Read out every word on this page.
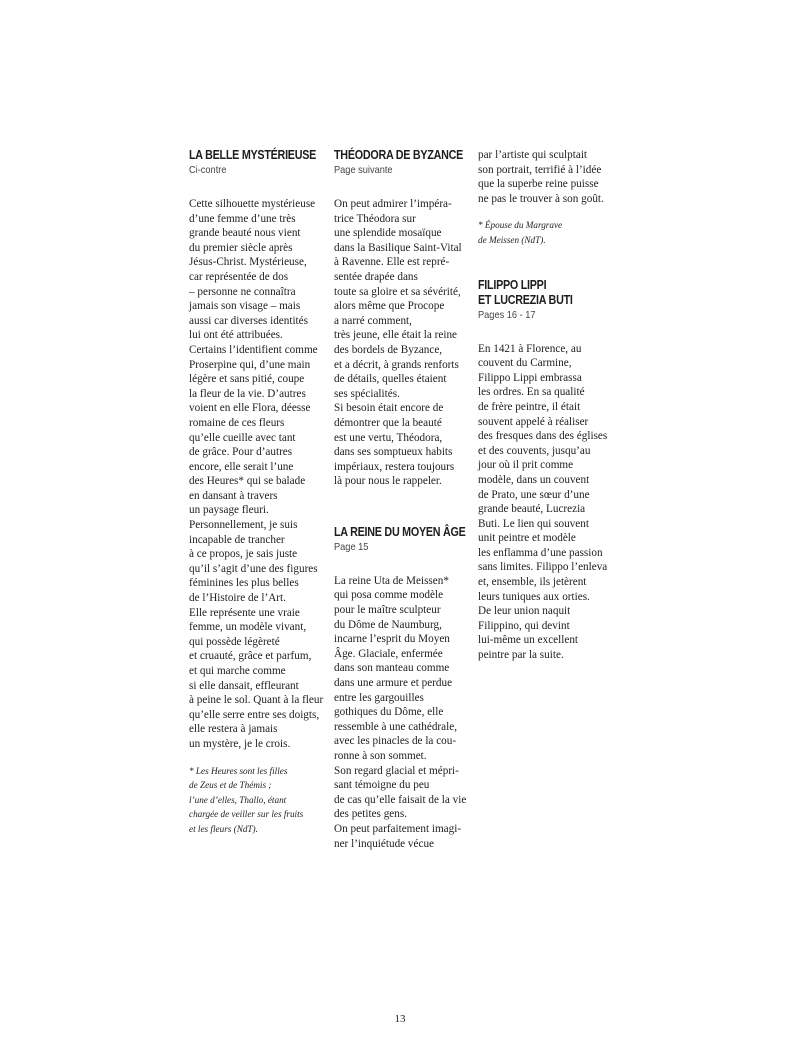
LA BELLE MYSTÉRIEUSE
Ci-contre
Cette silhouette mystérieuse
d’une femme d’une très
grande beauté nous vient
du premier siècle après
Jésus-Christ. Mystérieuse,
car représentée de dos
– personne ne connaîtra
jamais son visage – mais
aussi car diverses identités
lui ont été attribuées.
Certains l’identifient comme
Proserpine qui, d’une main
légère et sans pitié, coupe
la fleur de la vie. D’autres
voient en elle Flora, déesse
romaine de ces fleurs
qu’elle cueille avec tant
de grâce. Pour d’autres
encore, elle serait l’une
des Heures* qui se balade
en dansant à travers
un paysage fleuri.
Personnellement, je suis
incapable de trancher
à ce propos, je sais juste
qu’il s’agit d’une des figures
féminines les plus belles
de l’Histoire de l’Art.
Elle représente une vraie
femme, un modèle vivant,
qui possède légèreté
et cruauté, grâce et parfum,
et qui marche comme
si elle dansait, effleurant
à peine le sol. Quant à la fleur
qu’elle serre entre ses doigts,
elle restera à jamais
un mystère, je le crois.
* Les Heures sont les filles
de Zeus et de Thémis ;
l’une d’elles, Thallo, étant
chargée de veiller sur les fruits
et les fleurs (NdT).
THÉODORA DE BYZANCE
Page suivante
On peut admirer l’impéra-
trice Théodora sur
une splendide mosaïque
dans la Basilique Saint-Vital
à Ravenne. Elle est repré-
sentée drapée dans
toute sa gloire et sa sévérité,
alors même que Procope
a narré comment,
très jeune, elle était la reine
des bordels de Byzance,
et a décrit, à grands renforts
de détails, quelles étaient
ses spécialités.
Si besoin était encore de
démontrer que la beauté
est une vertu, Théodora,
dans ses somptueux habits
impériaux, restera toujours
là pour nous le rappeler.
LA REINE DU MOYEN ÂGE
Page 15
La reine Uta de Meissen*
qui posa comme modèle
pour le maître sculpteur
du Dôme de Naumburg,
incarne l’esprit du Moyen
Âge. Glaciale, enfermée
dans son manteau comme
dans une armure et perdue
entre les gargouilles
gothiques du Dôme, elle
ressemble à une cathédrale,
avec les pinacles de la cou-
ronne à son sommet.
Son regard glacial et mépri-
sant témoigne du peu
de cas qu’elle faisait de la vie
des petites gens.
On peut parfaitement imagi-
ner l’inquiétude vécue
par l’artiste qui sculptait
son portrait, terrifié à l’idée
que la superbe reine puisse
ne pas le trouver à son goût.
* Épouse du Margrave
de Meissen (NdT).
FILIPPO LIPPI
ET LUCREZIA BUTI
Pages 16 - 17
En 1421 à Florence, au
couvent du Carmine,
Filippo Lippi embrassa
les ordres. En sa qualité
de frère peintre, il était
souvent appelé à réaliser
des fresques dans des églises
et des couvents, jusqu’au
jour où il prit comme
modèle, dans un couvent
de Prato, une sœur d’une
grande beauté, Lucrezia
Buti. Le lien qui souvent
unit peintre et modèle
les enflamma d’une passion
sans limites. Filippo l’enleva
et, ensemble, ils jetèrent
leurs tuniques aux orties.
De leur union naquit
Filippino, qui devint
lui-même un excellent
peintre par la suite.
13
